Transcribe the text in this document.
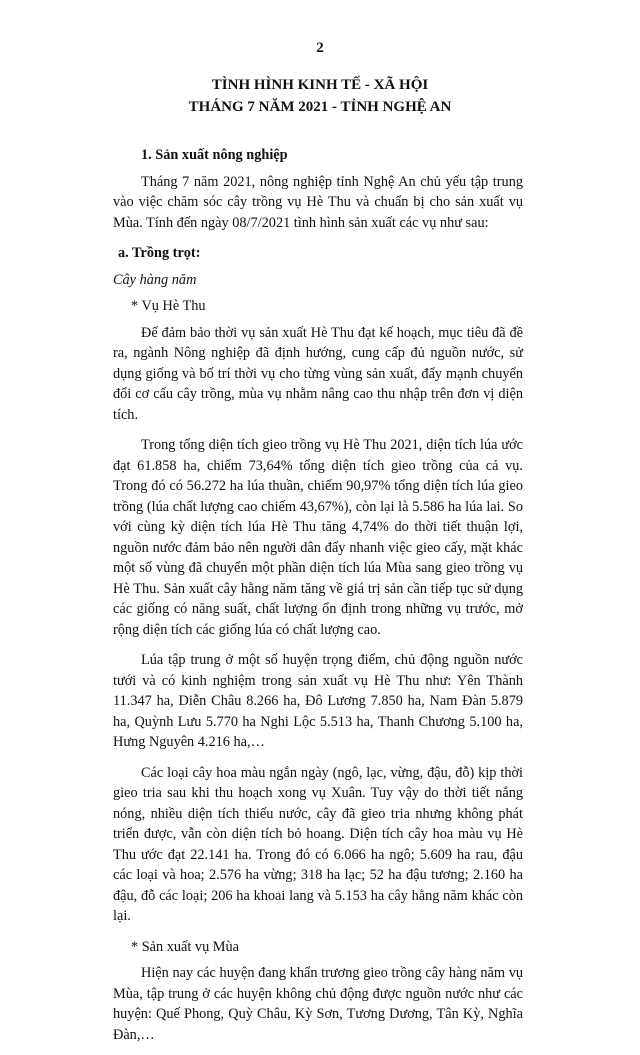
2
TÌNH HÌNH KINH TẾ - XÃ HỘI
THÁNG 7 NĂM 2021 - TỈNH NGHỆ AN

1. Sản xuất nông nghiệp

Tháng 7 năm 2021, nông nghiệp tỉnh Nghệ An chủ yếu tập trung vào việc chăm sóc cây trồng vụ Hè Thu và chuẩn bị cho sản xuất vụ Mùa. Tính đến ngày 08/7/2021 tình hình sản xuất các vụ như sau:

a. Trồng trọt:

Cây hàng năm

* Vụ Hè Thu

Để đảm bảo thời vụ sản xuất Hè Thu đạt kế hoạch, mục tiêu đã đề ra, ngành Nông nghiệp đã định hướng, cung cấp đủ nguồn nước, sử dụng giống và bố trí thời vụ cho từng vùng sản xuất, đẩy mạnh chuyển đổi cơ cấu cây trồng, mùa vụ nhằm nâng cao thu nhập trên đơn vị diện tích.

Trong tổng diện tích gieo trồng vụ Hè Thu 2021, diện tích lúa ước đạt 61.858 ha, chiếm 73,64% tổng diện tích gieo trồng của cả vụ. Trong đó có 56.272 ha lúa thuần, chiếm 90,97% tổng diện tích lúa gieo trồng (lúa chất lượng cao chiếm 43,67%), còn lại là 5.586 ha lúa lai. So với cùng kỳ diện tích lúa Hè Thu tăng 4,74% do thời tiết thuận lợi, nguồn nước đảm bảo nên người dân đẩy nhanh việc gieo cấy, mặt khác một số vùng đã chuyển một phần diện tích lúa Mùa sang gieo trồng vụ Hè Thu. Sản xuất cây hằng năm tăng về giá trị sản cần tiếp tục sử dụng các giống có năng suất, chất lượng ổn định trong những vụ trước, mở rộng diện tích các giống lúa có chất lượng cao.

Lúa tập trung ở một số huyện trọng điểm, chủ động nguồn nước tưới và có kinh nghiệm trong sản xuất vụ Hè Thu như: Yên Thành 11.347 ha, Diễn Châu 8.266 ha, Đô Lương 7.850 ha, Nam Đàn 5.879 ha, Quỳnh Lưu 5.770 ha Nghi Lộc 5.513 ha, Thanh Chương 5.100 ha, Hưng Nguyên 4.216 ha,…

Các loại cây hoa màu ngắn ngày (ngô, lạc, vừng, đậu, đỗ) kịp thời gieo tria sau khi thu hoạch xong vụ Xuân. Tuy vậy do thời tiết nắng nóng, nhiều diện tích thiếu nước, cây đã gieo tria nhưng không phát triển được, vẫn còn diện tích bỏ hoang. Diện tích cây hoa màu vụ Hè Thu ước đạt 22.141 ha. Trong đó có 6.066 ha ngô; 5.609 ha rau, đậu các loại và hoa; 2.576 ha vừng; 318 ha lạc; 52 ha đậu tương; 2.160 ha đậu, đỗ các loại; 206 ha khoai lang và 5.153 ha cây hằng năm khác còn lại.

* Sản xuất vụ Mùa

Hiện nay các huyện đang khẩn trương gieo trồng cây hàng năm vụ Mùa, tập trung ở các huyện không chủ động được nguồn nước như các huyện: Quế Phong, Quỳ Châu, Kỳ Sơn, Tương Dương, Tân Kỳ, Nghĩa Đàn,…
